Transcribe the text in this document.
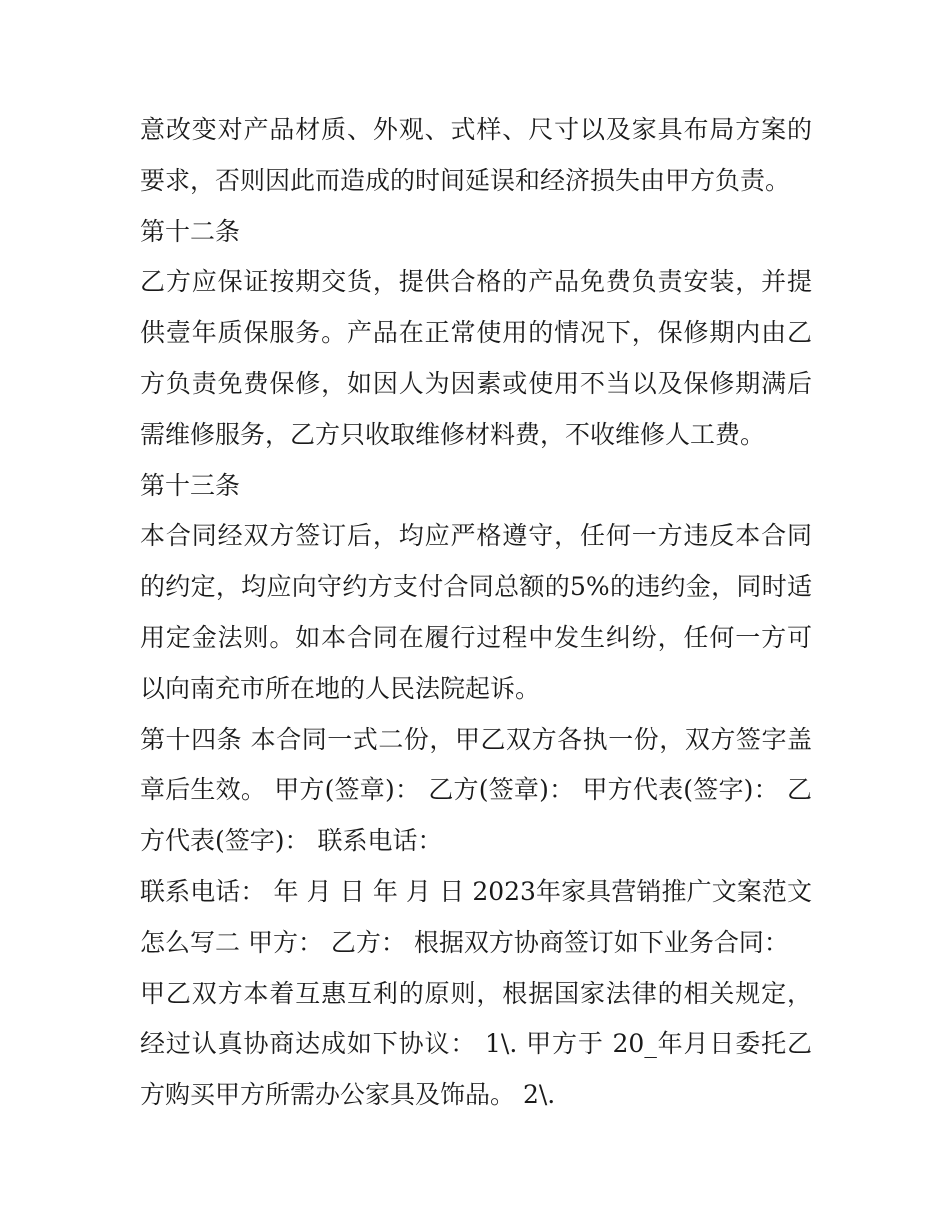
意改变对产品材质、外观、式样、尺寸以及家具布局方案的要求，否则因此而造成的时间延误和经济损失由甲方负责。

第十二条

乙方应保证按期交货，提供合格的产品免费负责安装，并提供壹年质保服务。产品在正常使用的情况下，保修期内由乙方负责免费保修，如因人为因素或使用不当以及保修期满后需维修服务，乙方只收取维修材料费，不收维修人工费。

第十三条

本合同经双方签订后，均应严格遵守，任何一方违反本合同的约定，均应向守约方支付合同总额的5%的违约金，同时适用定金法则。如本合同在履行过程中发生纠纷，任何一方可以向南充市所在地的人民法院起诉。

第十四条 本合同一式二份，甲乙双方各执一份，双方签字盖章后生效。 甲方(签章)： 乙方(签章)： 甲方代表(签字)： 乙方代表(签字)： 联系电话：

联系电话： 年 月 日 年 月 日 2023年家具营销推广文案范文怎么写二 甲方： 乙方： 根据双方协商签订如下业务合同：

甲乙双方本着互惠互利的原则，根据国家法律的相关规定，经过认真协商达成如下协议： 1\. 甲方于 20_年月日委托乙方购买甲方所需办公家具及饰品。 2\.
